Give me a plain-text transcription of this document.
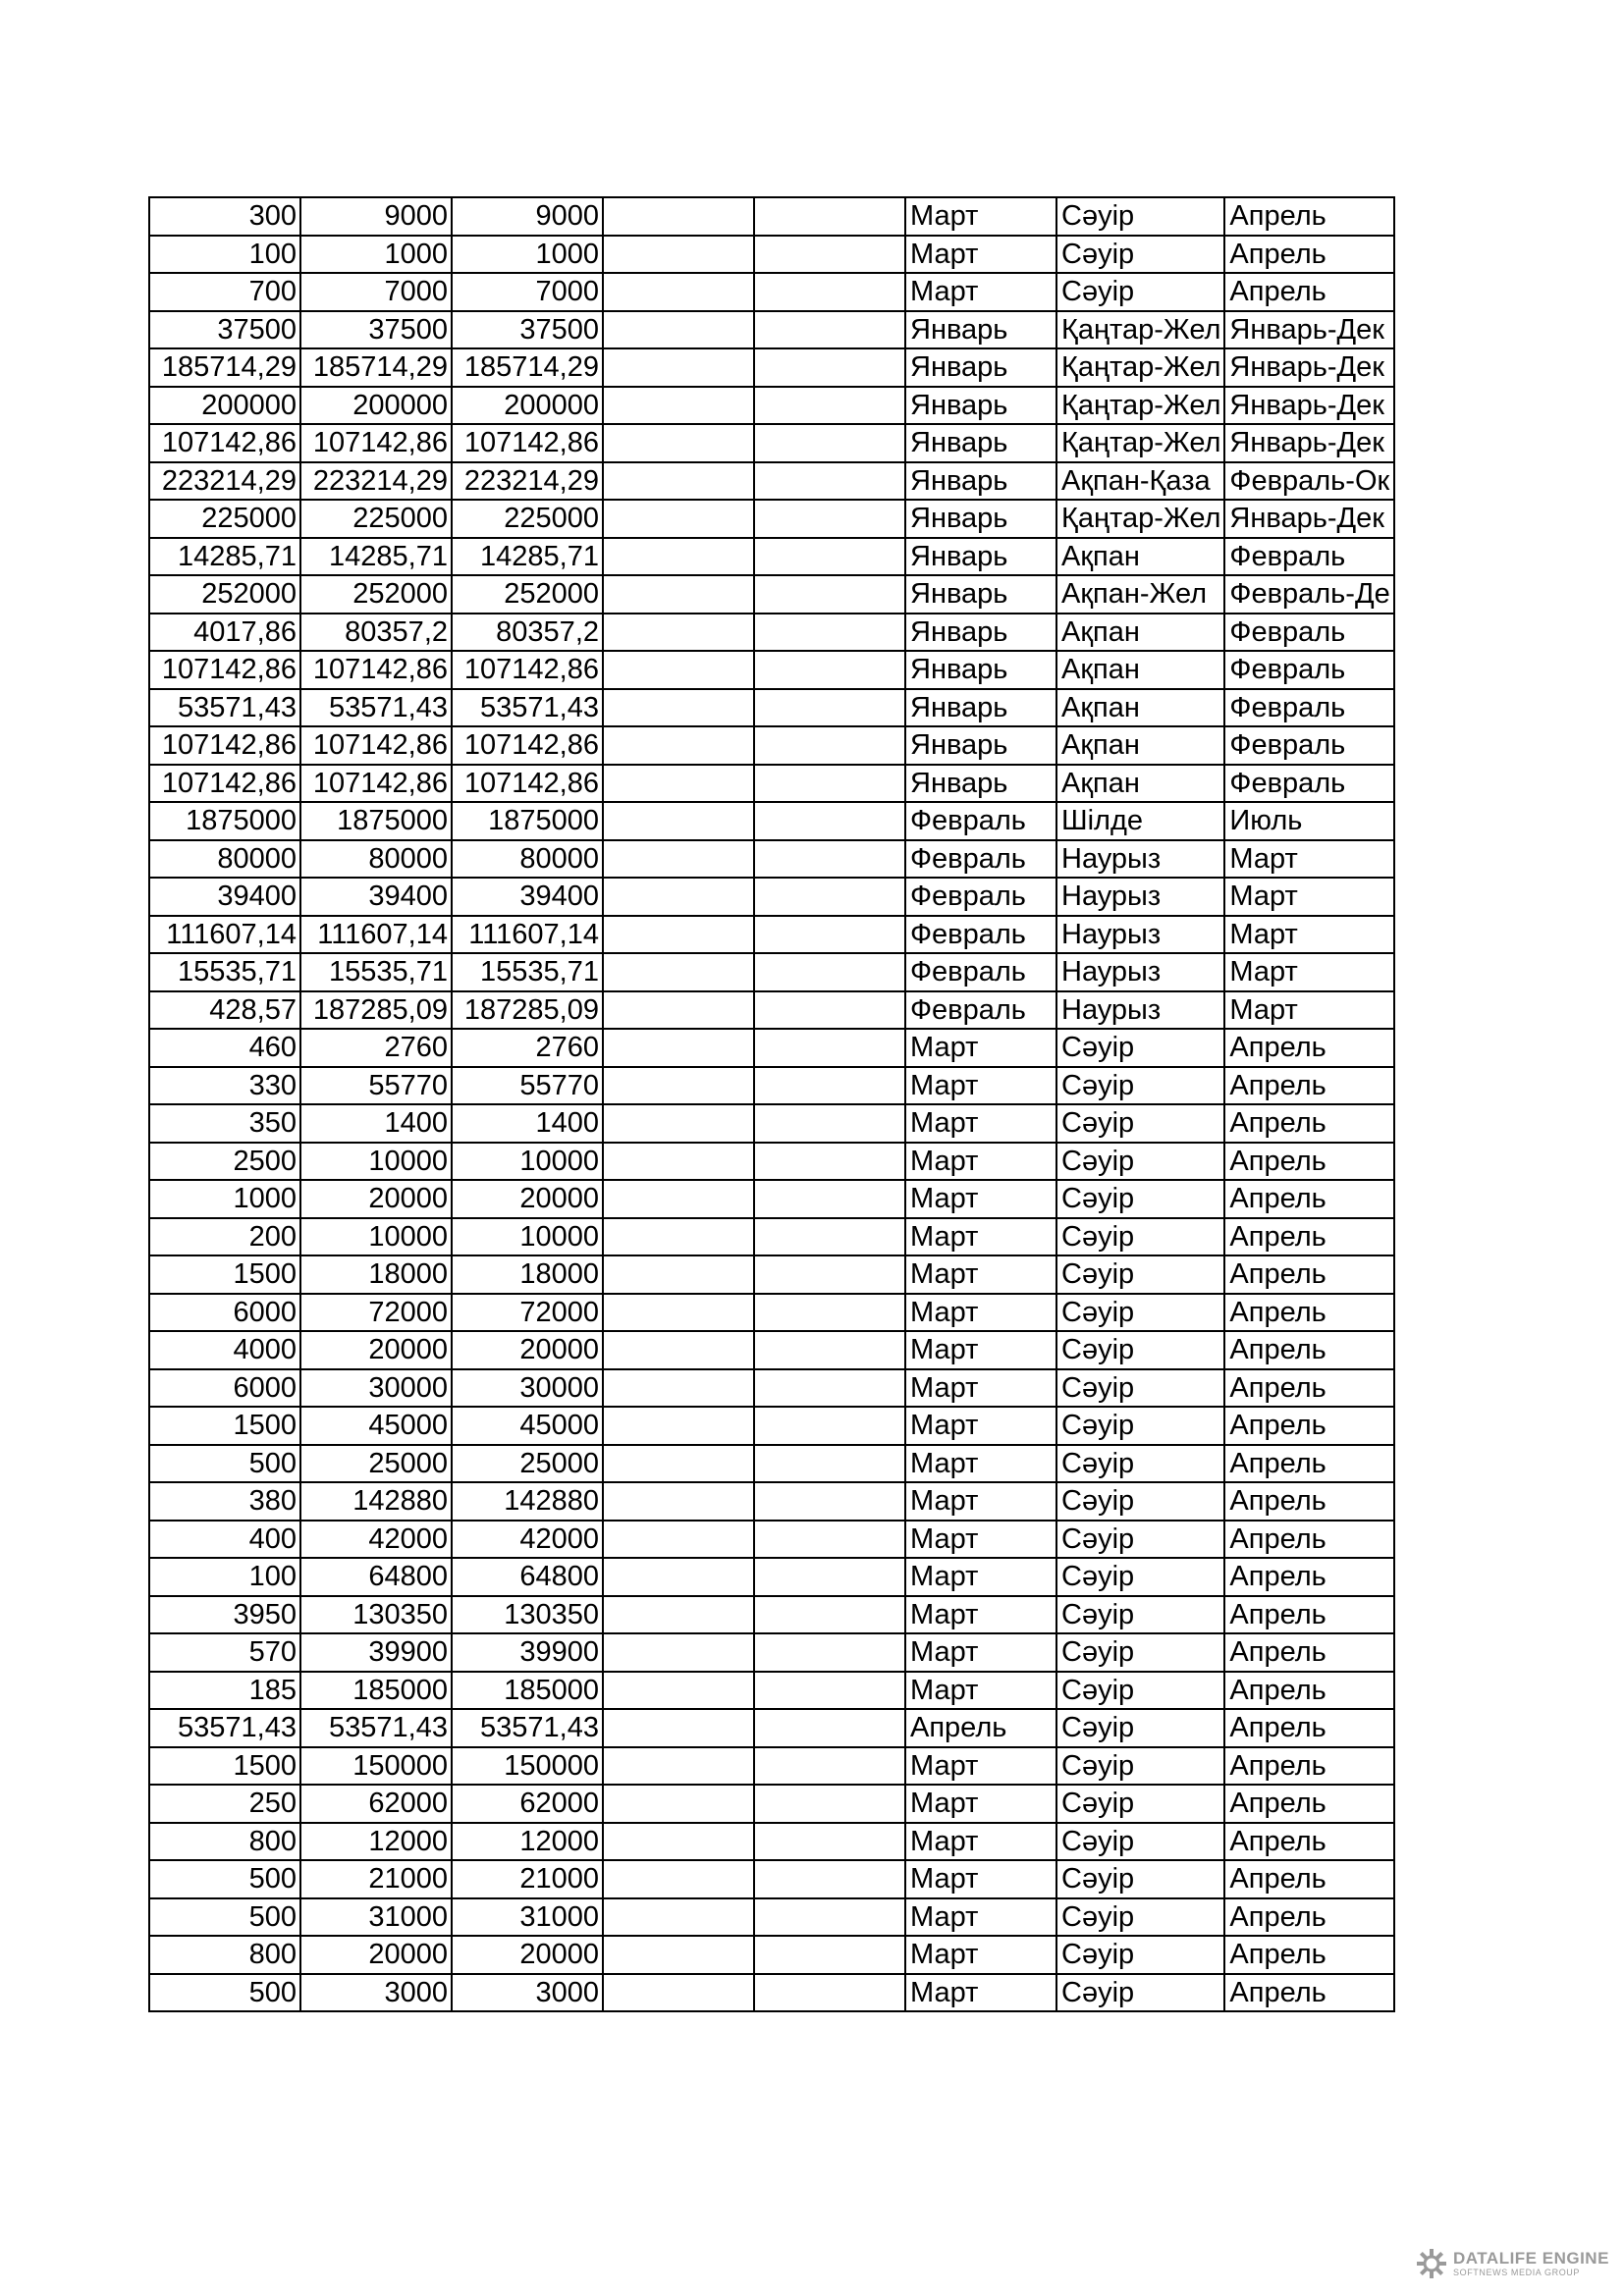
300	9000	9000			Март	Сәуір	Апрель
100	1000	1000			Март	Сәуір	Апрель
700	7000	7000			Март	Сәуір	Апрель
37500	37500	37500			Январь	Қаңтар-Жел	Январь-Дек
185714,29	185714,29	185714,29			Январь	Қаңтар-Жел	Январь-Дек
200000	200000	200000			Январь	Қаңтар-Жел	Январь-Дек
107142,86	107142,86	107142,86			Январь	Қаңтар-Жел	Январь-Дек
223214,29	223214,29	223214,29			Январь	Ақпан-Қаза	Февраль-Ок
225000	225000	225000			Январь	Қаңтар-Жел	Январь-Дек
14285,71	14285,71	14285,71			Январь	Ақпан	Февраль
252000	252000	252000			Январь	Ақпан-Жел	Февраль-Де
4017,86	80357,2	80357,2			Январь	Ақпан	Февраль
107142,86	107142,86	107142,86			Январь	Ақпан	Февраль
53571,43	53571,43	53571,43			Январь	Ақпан	Февраль
107142,86	107142,86	107142,86			Январь	Ақпан	Февраль
107142,86	107142,86	107142,86			Январь	Ақпан	Февраль
1875000	1875000	1875000			Февраль	Шілде	Июль
80000	80000	80000			Февраль	Наурыз	Март
39400	39400	39400			Февраль	Наурыз	Март
111607,14	111607,14	111607,14			Февраль	Наурыз	Март
15535,71	15535,71	15535,71			Февраль	Наурыз	Март
428,57	187285,09	187285,09			Февраль	Наурыз	Март
460	2760	2760			Март	Сәуір	Апрель
330	55770	55770			Март	Сәуір	Апрель
350	1400	1400			Март	Сәуір	Апрель
2500	10000	10000			Март	Сәуір	Апрель
1000	20000	20000			Март	Сәуір	Апрель
200	10000	10000			Март	Сәуір	Апрель
1500	18000	18000			Март	Сәуір	Апрель
6000	72000	72000			Март	Сәуір	Апрель
4000	20000	20000			Март	Сәуір	Апрель
6000	30000	30000			Март	Сәуір	Апрель
1500	45000	45000			Март	Сәуір	Апрель
500	25000	25000			Март	Сәуір	Апрель
380	142880	142880			Март	Сәуір	Апрель
400	42000	42000			Март	Сәуір	Апрель
100	64800	64800			Март	Сәуір	Апрель
3950	130350	130350			Март	Сәуір	Апрель
570	39900	39900			Март	Сәуір	Апрель
185	185000	185000			Март	Сәуір	Апрель
53571,43	53571,43	53571,43			Апрель	Сәуір	Апрель
1500	150000	150000			Март	Сәуір	Апрель
250	62000	62000			Март	Сәуір	Апрель
800	12000	12000			Март	Сәуір	Апрель
500	21000	21000			Март	Сәуір	Апрель
500	31000	31000			Март	Сәуір	Апрель
800	20000	20000			Март	Сәуір	Апрель
500	3000	3000			Март	Сәуір	Апрель
DATALIFE ENGINE
SOFTNEWS MEDIA GROUP
